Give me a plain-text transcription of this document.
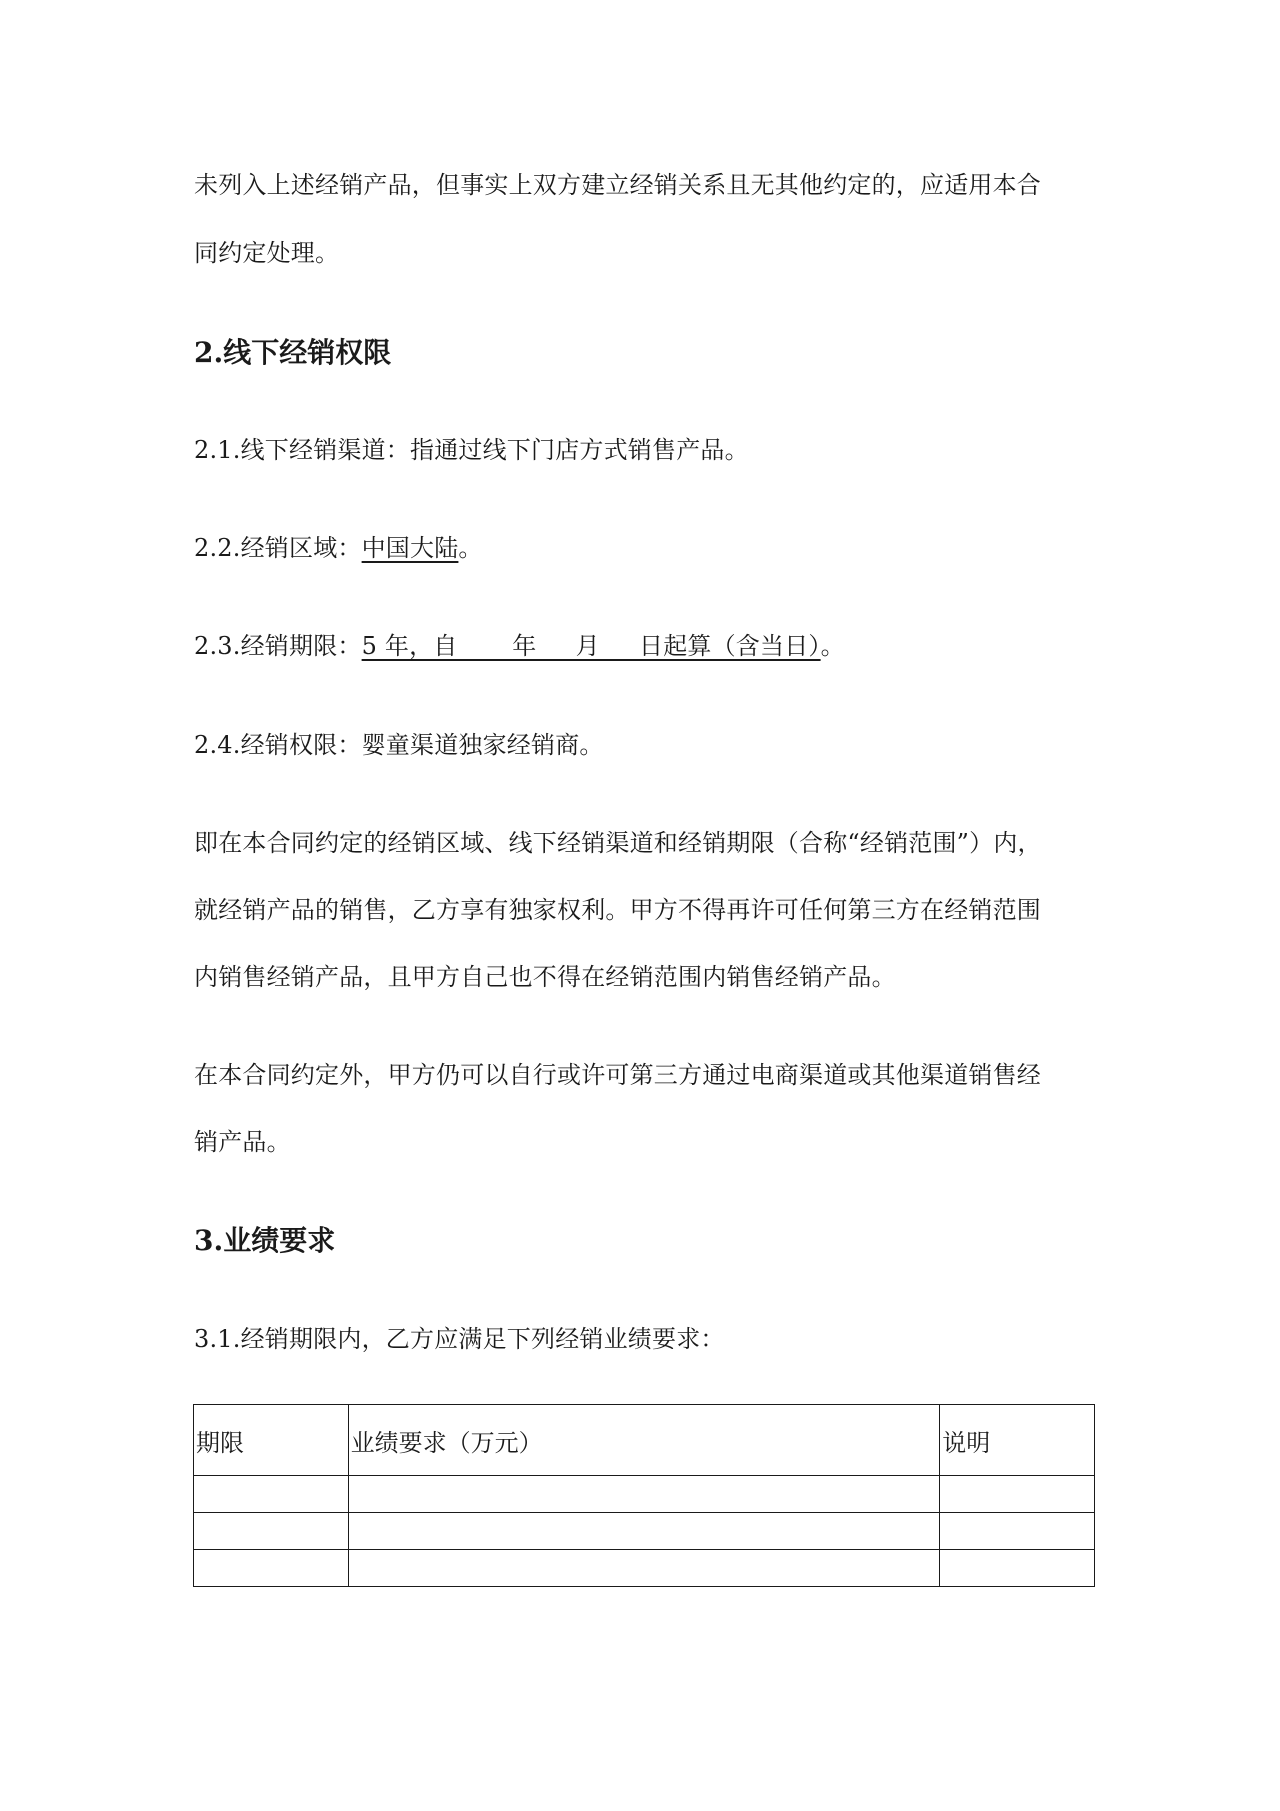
未列入上述经销产品，但事实上双方建立经销关系且无其他约定的，应适用本合
同约定处理。
2.线下经销权限
2.1.线下经销渠道：指通过线下门店方式销售产品。
2.2.经销区域：中国大陆。
2.3.经销期限：5 年，自       年     月     日起算（含当日）。
2.4.经销权限：婴童渠道独家经销商。
即在本合同约定的经销区域、线下经销渠道和经销期限（合称“经销范围”）内，
就经销产品的销售，乙方享有独家权利。甲方不得再许可任何第三方在经销范围
内销售经销产品，且甲方自己也不得在经销范围内销售经销产品。
在本合同约定外，甲方仍可以自行或许可第三方通过电商渠道或其他渠道销售经
销产品。
3.业绩要求
3.1.经销期限内，乙方应满足下列经销业绩要求：
期限	业绩要求（万元）	说明
